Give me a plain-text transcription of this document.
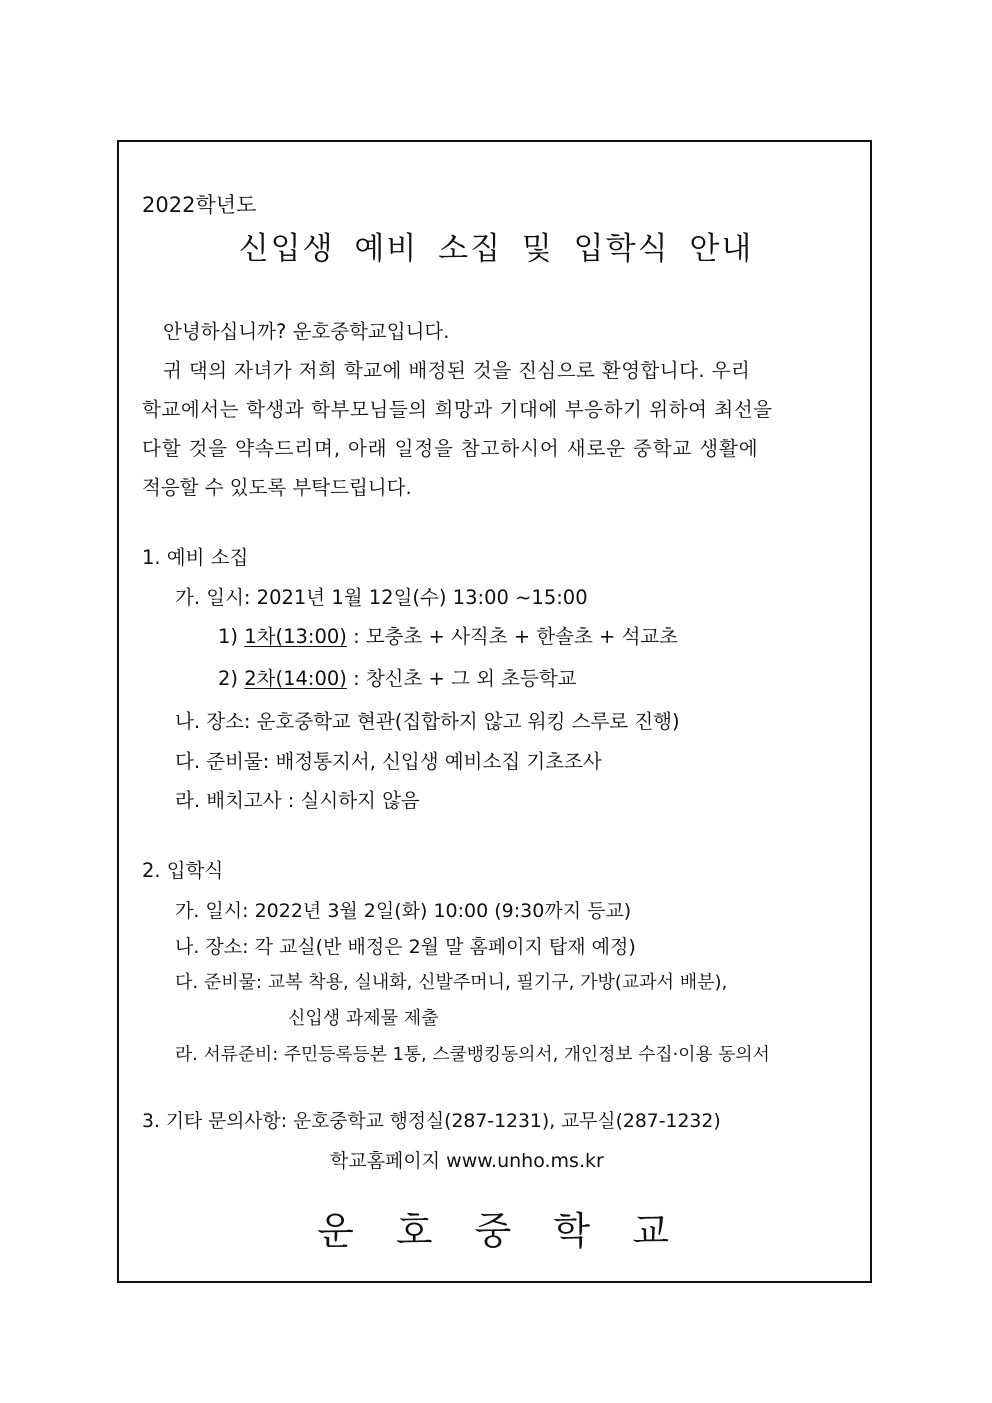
2022학년도
신입생 예비 소집 및 입학식 안내
안녕하십니까? 운호중학교입니다.
귀 댁의 자녀가 저희 학교에 배정된 것을 진심으로 환영합니다. 우리
학교에서는 학생과 학부모님들의 희망과 기대에 부응하기 위하여 최선을
다할 것을 약속드리며, 아래 일정을 참고하시어 새로운 중학교 생활에
적응할 수 있도록 부탁드립니다.
1. 예비 소집
가. 일시: 2021년 1월 12일(수) 13:00 ~15:00
1) 1차(13:00) : 모충초 + 사직초 + 한솔초 + 석교초
2) 2차(14:00) : 창신초 + 그 외 초등학교
나. 장소: 운호중학교 현관(집합하지 않고 워킹 스루로 진행)
다. 준비물: 배정통지서, 신입생 예비소집 기초조사
라. 배치고사 : 실시하지 않음
2. 입학식
가. 일시: 2022년 3월 2일(화) 10:00 (9:30까지 등교)
나. 장소: 각 교실(반 배정은 2월 말 홈페이지 탑재 예정)
다. 준비물: 교복 착용, 실내화, 신발주머니, 필기구, 가방(교과서 배분),
신입생 과제물 제출
라. 서류준비: 주민등록등본 1통, 스쿨뱅킹동의서, 개인정보 수집·이용 동의서
3. 기타 문의사항: 운호중학교 행정실(287-1231), 교무실(287-1232)
학교홈페이지 www.unho.ms.kr
운 호 중 학 교
